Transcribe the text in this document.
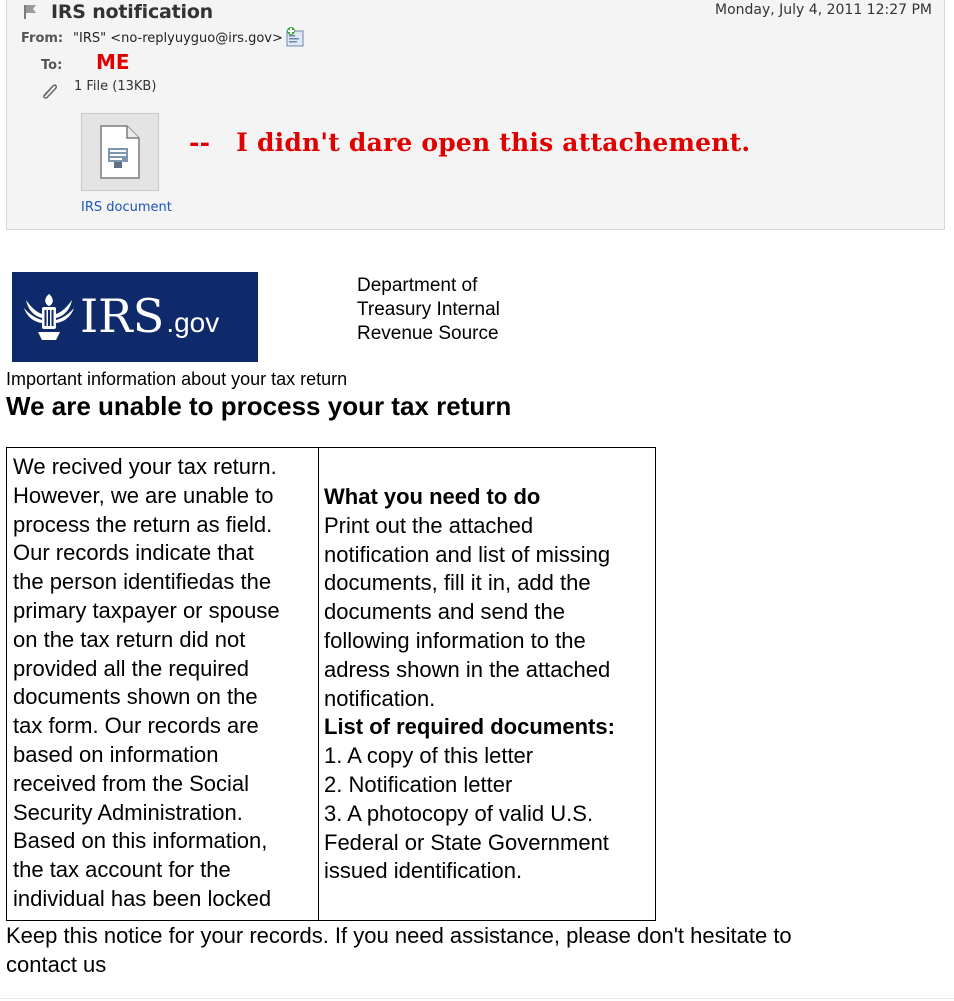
IRS notification	Monday, July 4, 2011 12:27 PM
From: "IRS" <no-replyuyguo@irs.gov>
To: ME
1 File (13KB)
IRS document
-- I didn't dare open this attachement.
IRS.gov
Department of
Treasury Internal
Revenue Source
Important information about your tax return
We are unable to process your tax return
We recived your tax return.
However, we are unable to
process the return as field.
Our records indicate that
the person identifiedas the
primary taxpayer or spouse
on the tax return did not
provided all the required
documents shown on the
tax form. Our records are
based on information
received from the Social
Security Administration.
Based on this information,
the tax account for the
individual has been locked
What you need to do
Print out the attached
notification and list of missing
documents, fill it in, add the
documents and send the
following information to the
adress shown in the attached
notification.
List of required documents:
1. A copy of this letter
2. Notification letter
3. A photocopy of valid U.S.
Federal or State Government
issued identification.
Keep this notice for your records. If you need assistance, please don't hesitate to
contact us
